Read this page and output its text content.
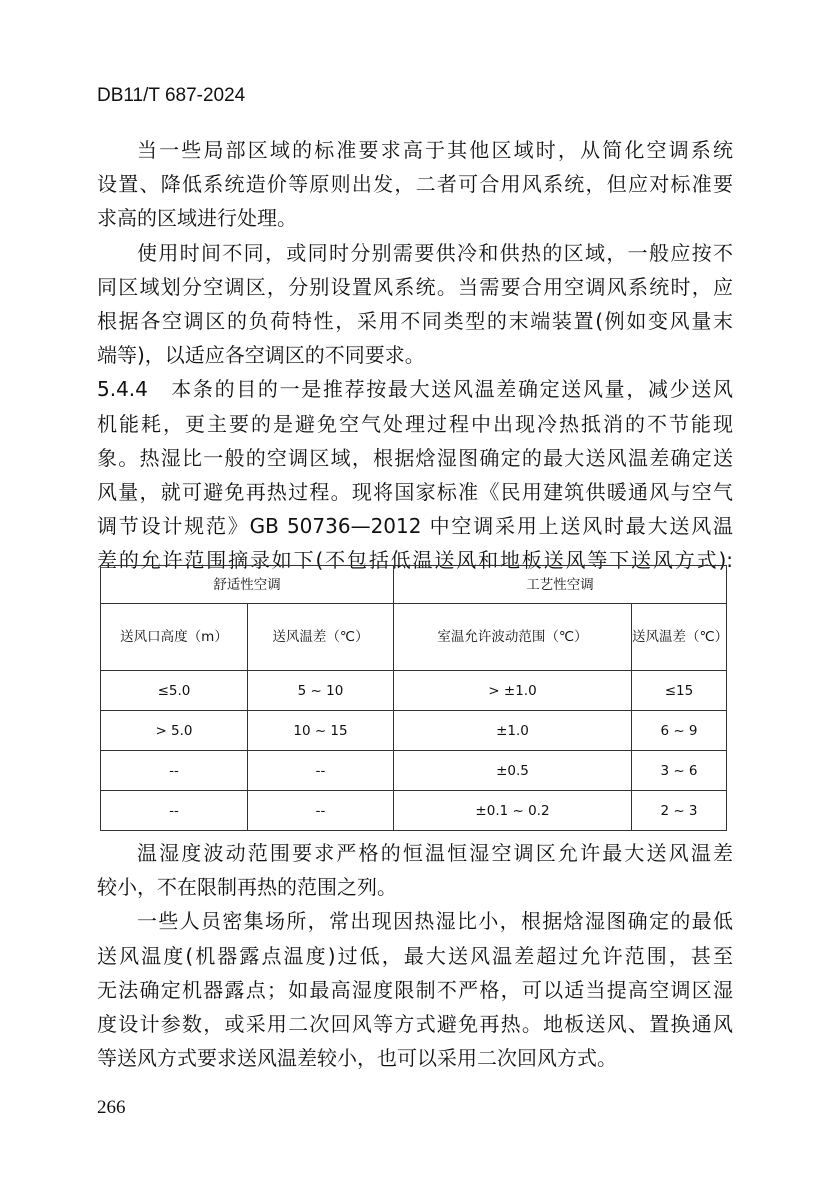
DB11/T 687-2024
当一些局部区域的标准要求高于其他区域时，从简化空调系统
设置、降低系统造价等原则出发，二者可合用风系统，但应对标准要
求高的区域进行处理。
使用时间不同，或同时分别需要供冷和供热的区域，一般应按不
同区域划分空调区，分别设置风系统。当需要合用空调风系统时，应
根据各空调区的负荷特性，采用不同类型的末端装置(例如变风量末
端等)，以适应各空调区的不同要求。
5.4.4　本条的目的一是推荐按最大送风温差确定送风量，减少送风
机能耗，更主要的是避免空气处理过程中出现冷热抵消的不节能现
象。热湿比一般的空调区域，根据焓湿图确定的最大送风温差确定送
风量，就可避免再热过程。现将国家标准《民用建筑供暖通风与空气
调节设计规范》GB 50736—2012 中空调采用上送风时最大送风温
差的允许范围摘录如下(不包括低温送风和地板送风等下送风方式):
舒适性空调		工艺性空调	
送风口高度（m）	送风温差（℃）	室温允许波动范围（℃）	送风温差（℃）
≤5.0	5 ~ 10	> ±1.0	≤15
> 5.0	10 ~ 15	±1.0	6 ~ 9
--	--	±0.5	3 ~ 6
--	--	±0.1 ~ 0.2	2 ~ 3
温湿度波动范围要求严格的恒温恒湿空调区允许最大送风温差
较小，不在限制再热的范围之列。
一些人员密集场所，常出现因热湿比小，根据焓湿图确定的最低
送风温度(机器露点温度)过低，最大送风温差超过允许范围，甚至
无法确定机器露点；如最高湿度限制不严格，可以适当提高空调区湿
度设计参数，或采用二次回风等方式避免再热。地板送风、置换通风
等送风方式要求送风温差较小，也可以采用二次回风方式。
266
